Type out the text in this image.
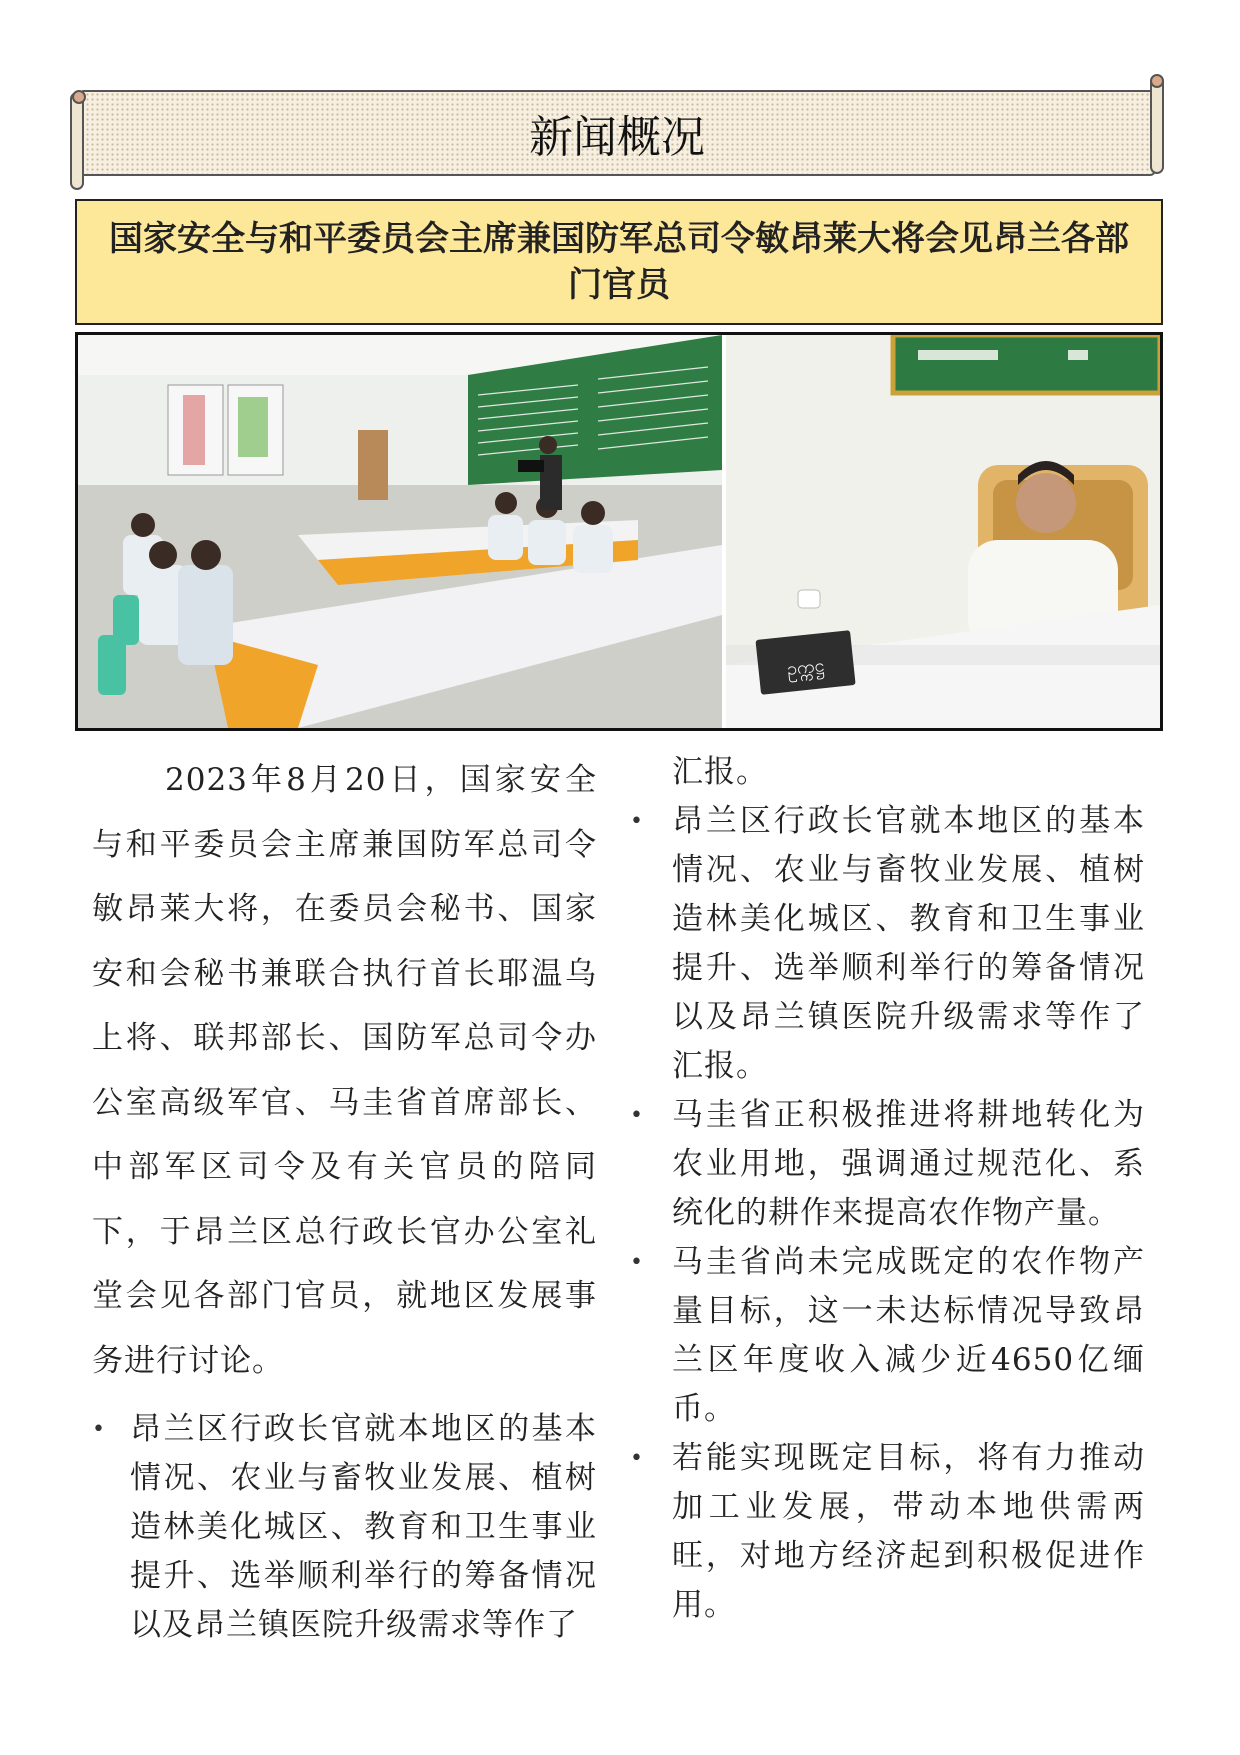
新闻概况
国家安全与和平委员会主席兼国防军总司令敏昂莱大将会见昂兰各部门官员
ဥက္ကဋ္ဌ

2023年8月20日，国家安全与和平委员会主席兼国防军总司令敏昂莱大将，在委员会秘书、国家安和会秘书兼联合执行首长耶温乌上将、联邦部长、国防军总司令办公室高级军官、马圭省首席部长、中部军区司令及有关官员的陪同下，于昂兰区总行政长官办公室礼堂会见各部门官员，就地区发展事务进行讨论。

• 昂兰区行政长官就本地区的基本情况、农业与畜牧业发展、植树造林美化城区、教育和卫生事业提升、选举顺利举行的筹备情况以及昂兰镇医院升级需求等作了

汇报。

• 昂兰区行政长官就本地区的基本情况、农业与畜牧业发展、植树造林美化城区、教育和卫生事业提升、选举顺利举行的筹备情况以及昂兰镇医院升级需求等作了汇报。
• 马圭省正积极推进将耕地转化为农业用地，强调通过规范化、系统化的耕作来提高农作物产量。
• 马圭省尚未完成既定的农作物产量目标，这一未达标情况导致昂兰区年度收入减少近4650亿缅币。
• 若能实现既定目标，将有力推动加工业发展，带动本地供需两旺，对地方经济起到积极促进作用。
